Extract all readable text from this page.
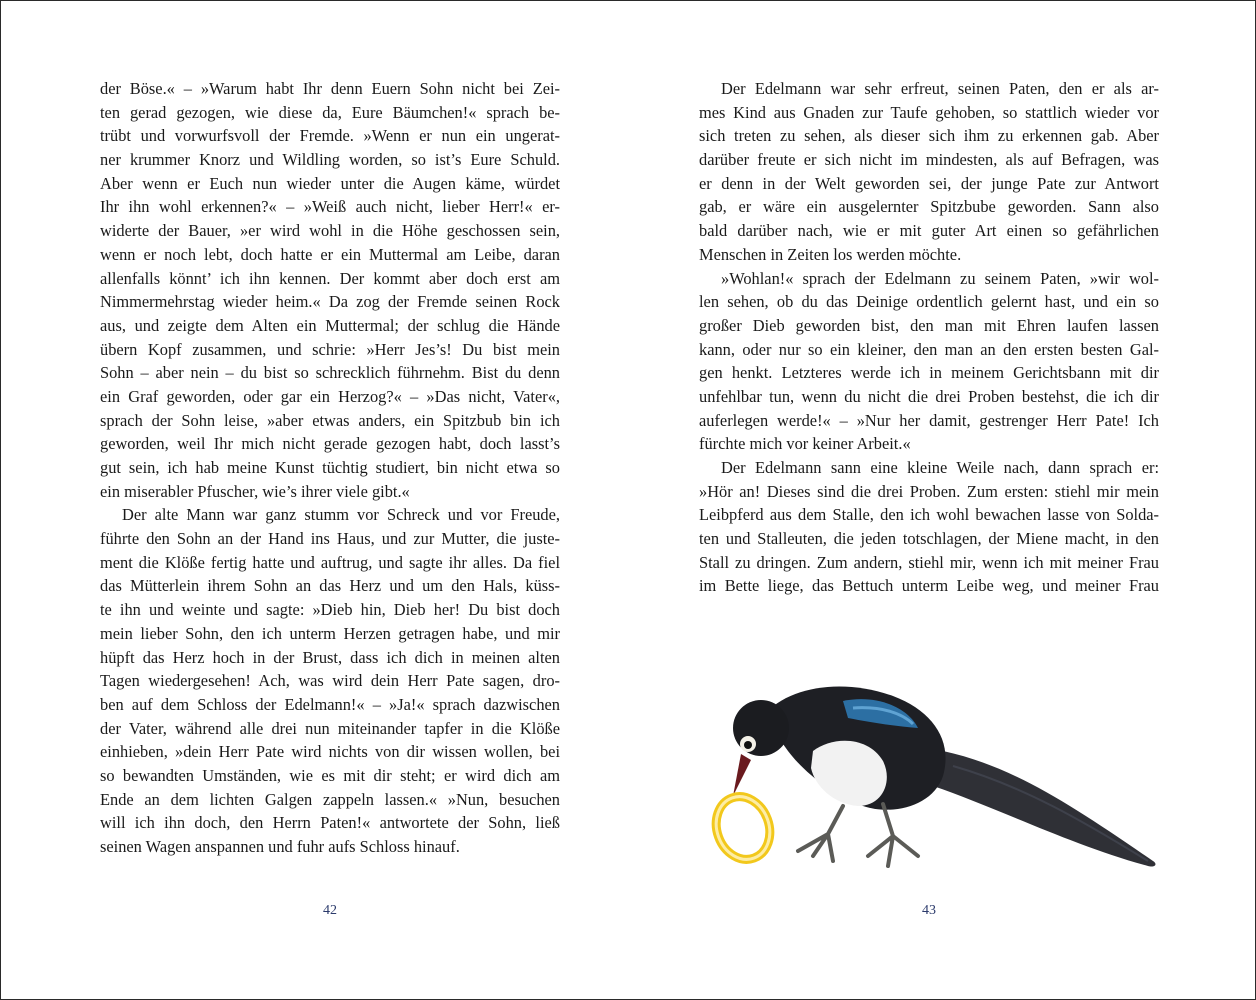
der Böse.« – »Warum habt Ihr denn Euern Sohn nicht bei Zei-
ten gerad gezogen, wie diese da, Eure Bäumchen!« sprach be-
trübt und vorwurfsvoll der Fremde. »Wenn er nun ein ungerat-
ner krummer Knorz und Wildling worden, so ist’s Eure Schuld.
Aber wenn er Euch nun wieder unter die Augen käme, würdet
Ihr ihn wohl erkennen?« – »Weiß auch nicht, lieber Herr!« er-
widerte der Bauer, »er wird wohl in die Höhe geschossen sein,
wenn er noch lebt, doch hatte er ein Muttermal am Leibe, daran
allenfalls könnt’ ich ihn kennen. Der kommt aber doch erst am
Nimmermehrstag wieder heim.« Da zog der Fremde seinen Rock
aus, und zeigte dem Alten ein Muttermal; der schlug die Hände
übern Kopf zusammen, und schrie: »Herr Jes’s! Du bist mein
Sohn – aber nein – du bist so schrecklich führnehm. Bist du denn
ein Graf geworden, oder gar ein Herzog?« – »Das nicht, Vater«,
sprach der Sohn leise, »aber etwas anders, ein Spitzbub bin ich
geworden, weil Ihr mich nicht gerade gezogen habt, doch lasst’s
gut sein, ich hab meine Kunst tüchtig studiert, bin nicht etwa so
ein miserabler Pfuscher, wie’s ihrer viele gibt.«
Der alte Mann war ganz stumm vor Schreck und vor Freude,
führte den Sohn an der Hand ins Haus, und zur Mutter, die juste-
ment die Klöße fertig hatte und auftrug, und sagte ihr alles. Da fiel
das Mütterlein ihrem Sohn an das Herz und um den Hals, küss-
te ihn und weinte und sagte: »Dieb hin, Dieb her! Du bist doch
mein lieber Sohn, den ich unterm Herzen getragen habe, und mir
hüpft das Herz hoch in der Brust, dass ich dich in meinen alten
Tagen wiedergesehen! Ach, was wird dein Herr Pate sagen, dro-
ben auf dem Schloss der Edelmann!« – »Ja!« sprach dazwischen
der Vater, während alle drei nun miteinander tapfer in die Klöße
einhieben, »dein Herr Pate wird nichts von dir wissen wollen, bei
so bewandten Umständen, wie es mit dir steht; er wird dich am
Ende an dem lichten Galgen zappeln lassen.« »Nun, besuchen
will ich ihn doch, den Herrn Paten!« antwortete der Sohn, ließ
seinen Wagen anspannen und fuhr aufs Schloss hinauf.
42
Der Edelmann war sehr erfreut, seinen Paten, den er als ar-
mes Kind aus Gnaden zur Taufe gehoben, so stattlich wieder vor
sich treten zu sehen, als dieser sich ihm zu erkennen gab. Aber
darüber freute er sich nicht im mindesten, als auf Befragen, was
er denn in der Welt geworden sei, der junge Pate zur Antwort
gab, er wäre ein ausgelernter Spitzbube geworden. Sann also
bald darüber nach, wie er mit guter Art einen so gefährlichen
Menschen in Zeiten los werden möchte.
»Wohlan!« sprach der Edelmann zu seinem Paten, »wir wol-
len sehen, ob du das Deinige ordentlich gelernt hast, und ein so
großer Dieb geworden bist, den man mit Ehren laufen lassen
kann, oder nur so ein kleiner, den man an den ersten besten Gal-
gen henkt. Letzteres werde ich in meinem Gerichtsbann mit dir
unfehlbar tun, wenn du nicht die drei Proben bestehst, die ich dir
auferlegen werde!« – »Nur her damit, gestrenger Herr Pate! Ich
fürchte mich vor keiner Arbeit.«
Der Edelmann sann eine kleine Weile nach, dann sprach er:
»Hör an! Dieses sind die drei Proben. Zum ersten: stiehl mir mein
Leibpferd aus dem Stalle, den ich wohl bewachen lasse von Solda-
ten und Stalleuten, die jeden totschlagen, der Miene macht, in den
Stall zu dringen. Zum andern, stiehl mir, wenn ich mit meiner Frau
im Bette liege, das Bettuch unterm Leibe weg, und meiner Frau
43
